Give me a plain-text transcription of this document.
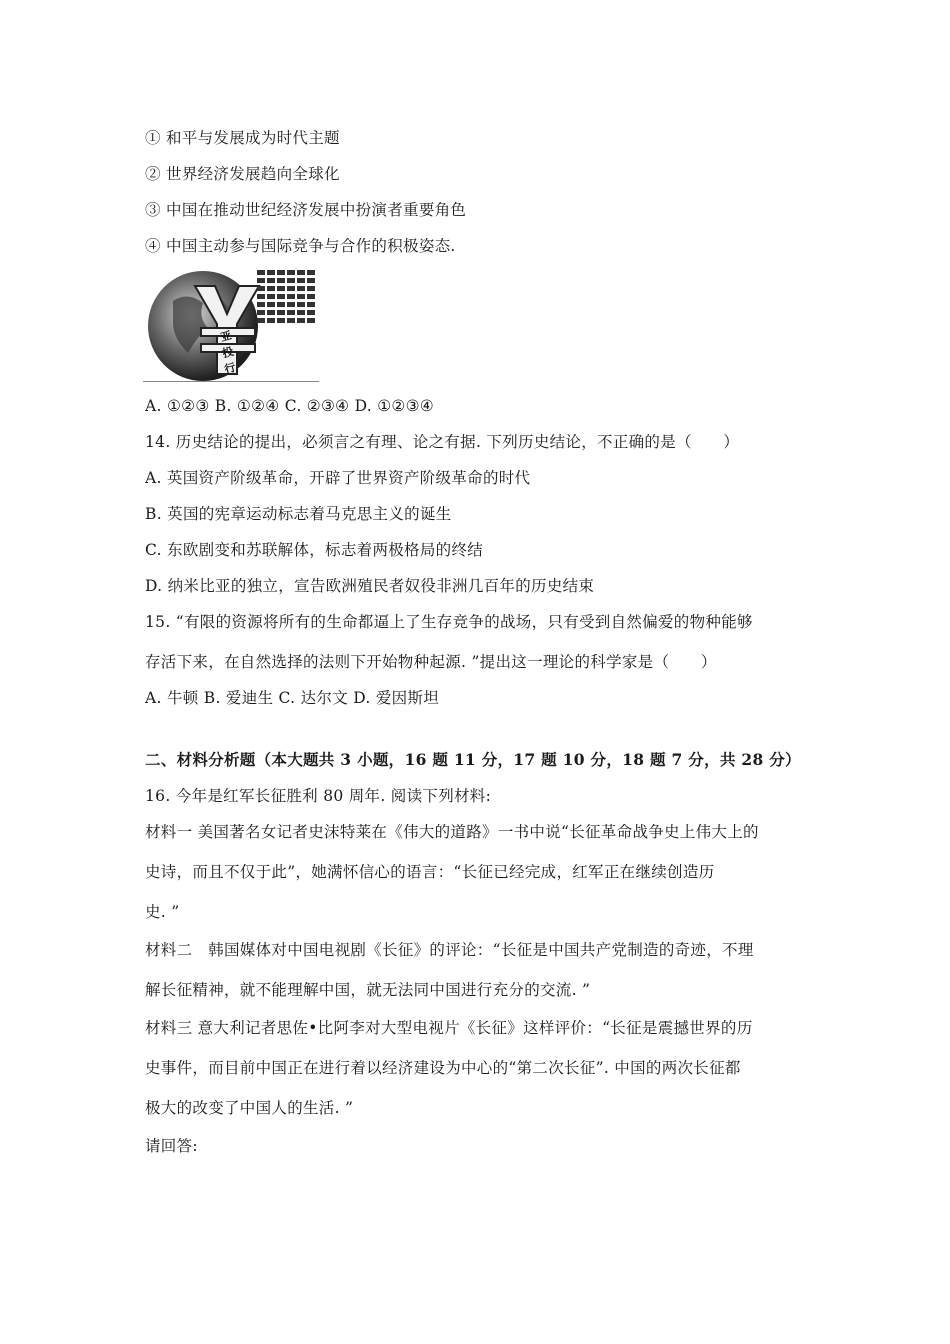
① 和平与发展成为时代主题
② 世界经济发展趋向全球化
③ 中国在推动世纪经济发展中扮演者重要角色
④ 中国主动参与国际竞争与合作的积极姿态.
亚
投
行
A. ①②③ B. ①②④ C. ②③④ D. ①②③④
14. 历史结论的提出，必须言之有理、论之有据. 下列历史结论，不正确的是（　　）
A. 英国资产阶级革命，开辟了世界资产阶级革命的时代
B. 英国的宪章运动标志着马克思主义的诞生
C. 东欧剧变和苏联解体，标志着两极格局的终结
D. 纳米比亚的独立，宣告欧洲殖民者奴役非洲几百年的历史结束
15. “有限的资源将所有的生命都逼上了生存竞争的战场，只有受到自然偏爱的物种能够
存活下来，在自然选择的法则下开始物种起源. ”提出这一理论的科学家是（　　）
A. 牛顿 B. 爱迪生 C. 达尔文 D. 爱因斯坦
二、材料分析题（本大题共 3 小题，16 题 11 分，17 题 10 分，18 题 7 分，共 28 分）
16. 今年是红军长征胜利 80 周年. 阅读下列材料:
材料一 美国著名女记者史沫特莱在《伟大的道路》一书中说“长征革命战争史上伟大上的
史诗，而且不仅于此”，她满怀信心的语言：“长征已经完成，红军正在继续创造历
史. ”
材料二　韩国媒体对中国电视剧《长征》的评论：“长征是中国共产党制造的奇迹，不理
解长征精神，就不能理解中国，就无法同中国进行充分的交流. ”
材料三 意大利记者思佐•比阿李对大型电视片《长征》这样评价：“长征是震撼世界的历
史事件，而目前中国正在进行着以经济建设为中心的“第二次长征”. 中国的两次长征都
极大的改变了中国人的生活. ”
请回答:
